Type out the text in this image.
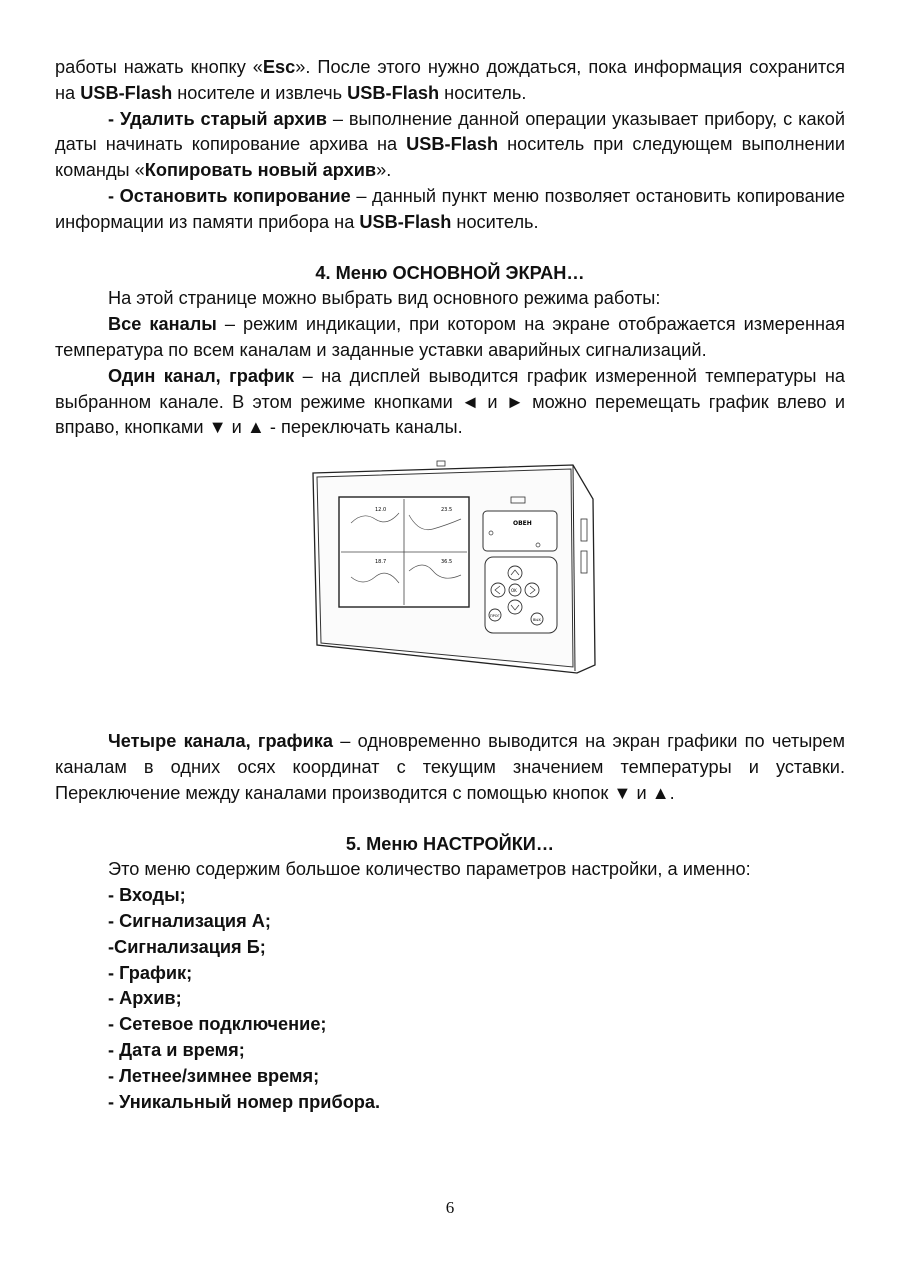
работы нажать кнопку «Esc». После этого нужно дождаться, пока информация сохранится на USB-Flash носителе и извлечь USB-Flash носитель.

- Удалить старый архив – выполнение данной операции указывает прибору, с какой даты начинать копирование архива на USB-Flash носитель при следующем выполнении команды «Копировать новый архив».

- Остановить копирование – данный пункт меню позволяет остановить копирование информации из памяти прибора на USB-Flash носитель.

4. Меню ОСНОВНОЙ ЭКРАН…

На этой странице можно выбрать вид основного режима работы:

Все каналы – режим индикации, при котором на экране отображается измеренная температура по всем каналам и заданные уставки аварийных сигнализаций.

Один канал, график – на дисплей выводится график измеренной температуры на выбранном канале. В этом режиме кнопками ◄ и ► можно перемещать график влево и вправо, кнопками ▼ и ▲ - переключать каналы.

12.0	23.5
18.7	36.5
ОВЕН
OK
ПРОГ
ВЫХ

Четыре канала, графика – одновременно выводится на экран графики по четырем каналам в одних осях координат с текущим значением температуры и уставки. Переключение между каналами производится с помощью кнопок ▼ и ▲.

5. Меню НАСТРОЙКИ…

Это меню содержим большое количество параметров настройки, а именно:

- Входы;
- Сигнализация А;
-Сигнализация Б;
- График;
- Архив;
- Сетевое подключение;
- Дата и время;
- Летнее/зимнее время;
- Уникальный номер прибора.
6
